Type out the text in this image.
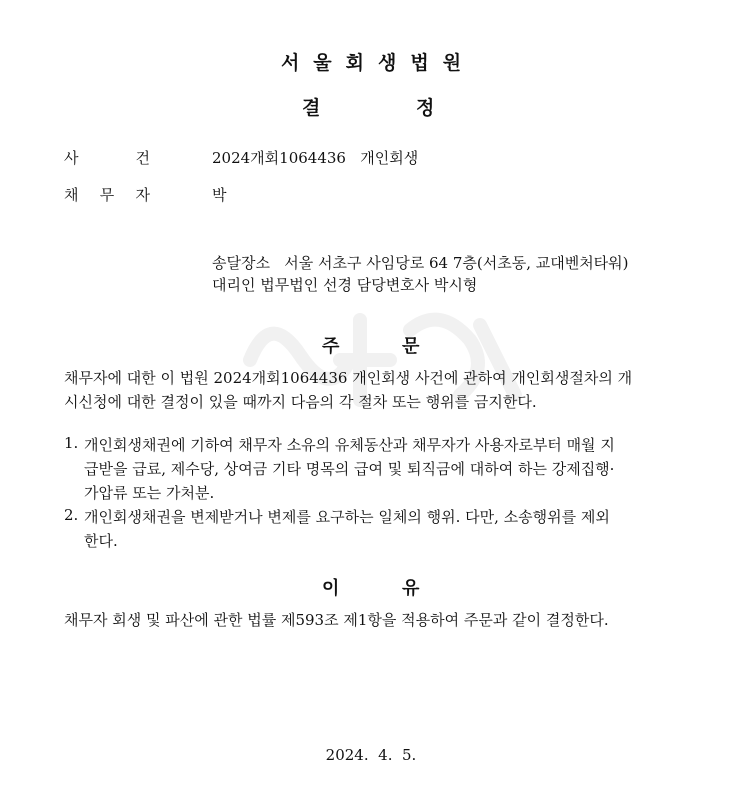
서울회생법원
결	정
사	건	2024개회1064436   개인회생
채 무 자	박
송달장소   서울 서초구 사임당로 64 7층(서초동, 교대벤처타워)
대리인 법무법인 선경 담당변호사 박시형
주	문
채무자에 대한 이 법원 2024개회1064436 개인회생 사건에 관하여 개인회생절차의 개
시신청에 대한 결정이 있을 때까지 다음의 각 절차 또는 행위를 금지한다.
1. 개인회생채권에 기하여 채무자 소유의 유체동산과 채무자가 사용자로부터 매월 지
급받을 급료, 제수당, 상여금 기타 명목의 급여 및 퇴직금에 대하여 하는 강제집행·
가압류 또는 가처분.
2. 개인회생채권을 변제받거나 변제를 요구하는 일체의 행위. 다만, 소송행위를 제외
한다.
이	유
채무자 회생 및 파산에 관한 법률 제593조 제1항을 적용하여 주문과 같이 결정한다.
2024.  4.  5.
